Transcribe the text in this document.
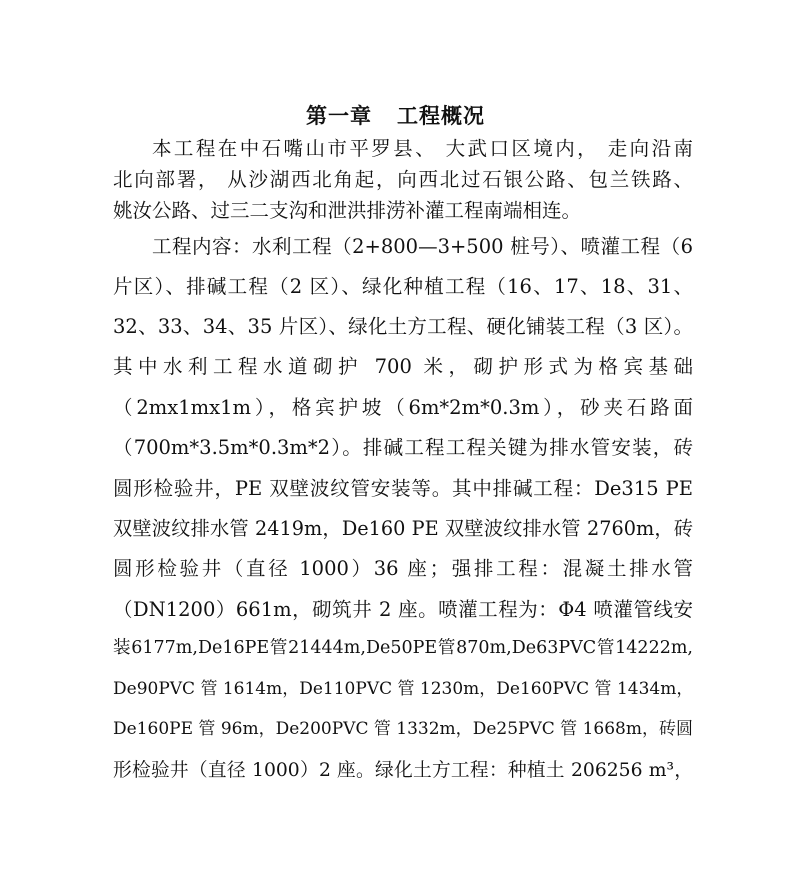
第一章   工程概况
本工程在中石嘴山市平罗县、 大武口区境内， 走向沿南
北向部署， 从沙湖西北角起，向西北过石银公路、包兰铁路、
姚汝公路、过三二支沟和泄洪排涝补灌工程南端相连。
工程内容：水利工程（2+800—3+500 桩号）、喷灌工程（6
片区）、排碱工程（2 区）、绿化种植工程（16、17、18、31、
32、33、34、35 片区）、绿化土方工程、硬化铺装工程（3 区）。
其中水利工程水道砌护 700 米，砌护形式为格宾基础
（2mx1mx1m），格宾护坡（6m*2m*0.3m），砂夹石路面
（700m*3.5m*0.3m*2）。排碱工程工程关键为排水管安装，砖
圆形检验井，PE 双壁波纹管安装等。其中排碱工程：De315 PE
双壁波纹排水管 2419m，De160 PE 双壁波纹排水管 2760m，砖
圆形检验井（直径 1000）36 座；强排工程：混凝土排水管
（DN1200）661m，砌筑井 2 座。喷灌工程为：Φ4 喷灌管线安
装6177m,De16PE管21444m,De50PE管870m,De63PVC管14222m,
De90PVC 管 1614m，De110PVC 管 1230m，De160PVC 管 1434m，
De160PE 管 96m，De200PVC 管 1332m，De25PVC 管 1668m，砖圆
形检验井（直径 1000）2 座。绿化土方工程：种植土 206256 m³，
